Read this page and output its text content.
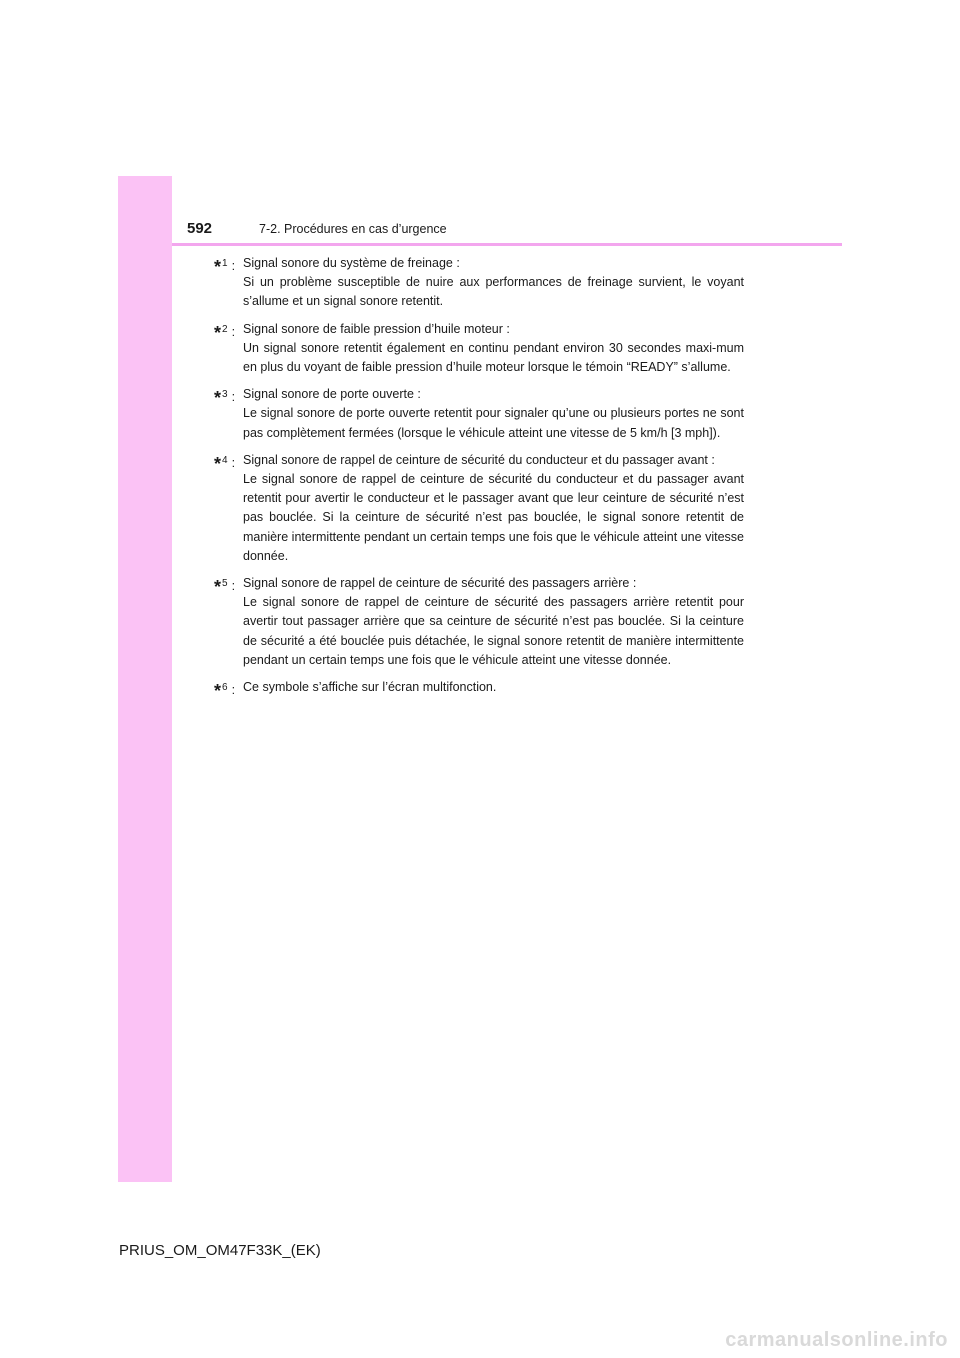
592	7-2. Procédures en cas d’urgence
*$^1$ : Signal sonore du système de freinage :
Si un problème susceptible de nuire aux performances de freinage survient, le voyant s’allume et un signal sonore retentit.
*$^2$ : Signal sonore de faible pression d’huile moteur :
Un signal sonore retentit également en continu pendant environ 30 secondes maxi-mum en plus du voyant de faible pression d’huile moteur lorsque le témoin “READY” s’allume.
*$^3$ : Signal sonore de porte ouverte :
Le signal sonore de porte ouverte retentit pour signaler qu’une ou plusieurs portes ne sont pas complètement fermées (lorsque le véhicule atteint une vitesse de 5 km/h [3 mph]).
*$^4$ : Signal sonore de rappel de ceinture de sécurité du conducteur et du passager avant :
Le signal sonore de rappel de ceinture de sécurité du conducteur et du passager avant retentit pour avertir le conducteur et le passager avant que leur ceinture de sécurité n’est pas bouclée. Si la ceinture de sécurité n’est pas bouclée, le signal sonore retentit de manière intermittente pendant un certain temps une fois que le véhicule atteint une vitesse donnée.
*$^5$ : Signal sonore de rappel de ceinture de sécurité des passagers arrière :
Le signal sonore de rappel de ceinture de sécurité des passagers arrière retentit pour avertir tout passager arrière que sa ceinture de sécurité n’est pas bouclée. Si la ceinture de sécurité a été bouclée puis détachée, le signal sonore retentit de manière intermittente pendant un certain temps une fois que le véhicule atteint une vitesse donnée.
*$^6$ : Ce symbole s’affiche sur l’écran multifonction.
PRIUS_OM_OM47F33K_(EK)
carmanualsonline.info
